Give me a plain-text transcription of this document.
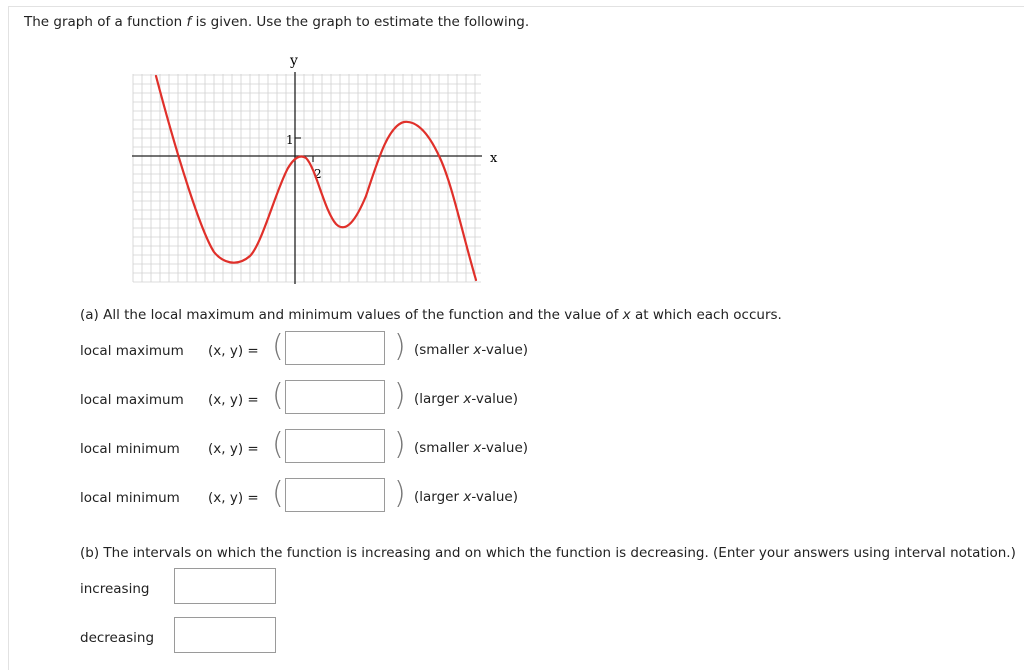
The graph of a function f is given. Use the graph to estimate the following.
y
x
1
2
(a) All the local maximum and minimum values of the function and the value of x at which each occurs.
local maximum (x, y) = (	) (smaller x-value)
local maximum (x, y) = (	) (larger x-value)
local minimum (x, y) = (	) (smaller x-value)
local minimum (x, y) = (	) (larger x-value)
(b) The intervals on which the function is increasing and on which the function is decreasing. (Enter your answers using interval notation.)
increasing
decreasing
